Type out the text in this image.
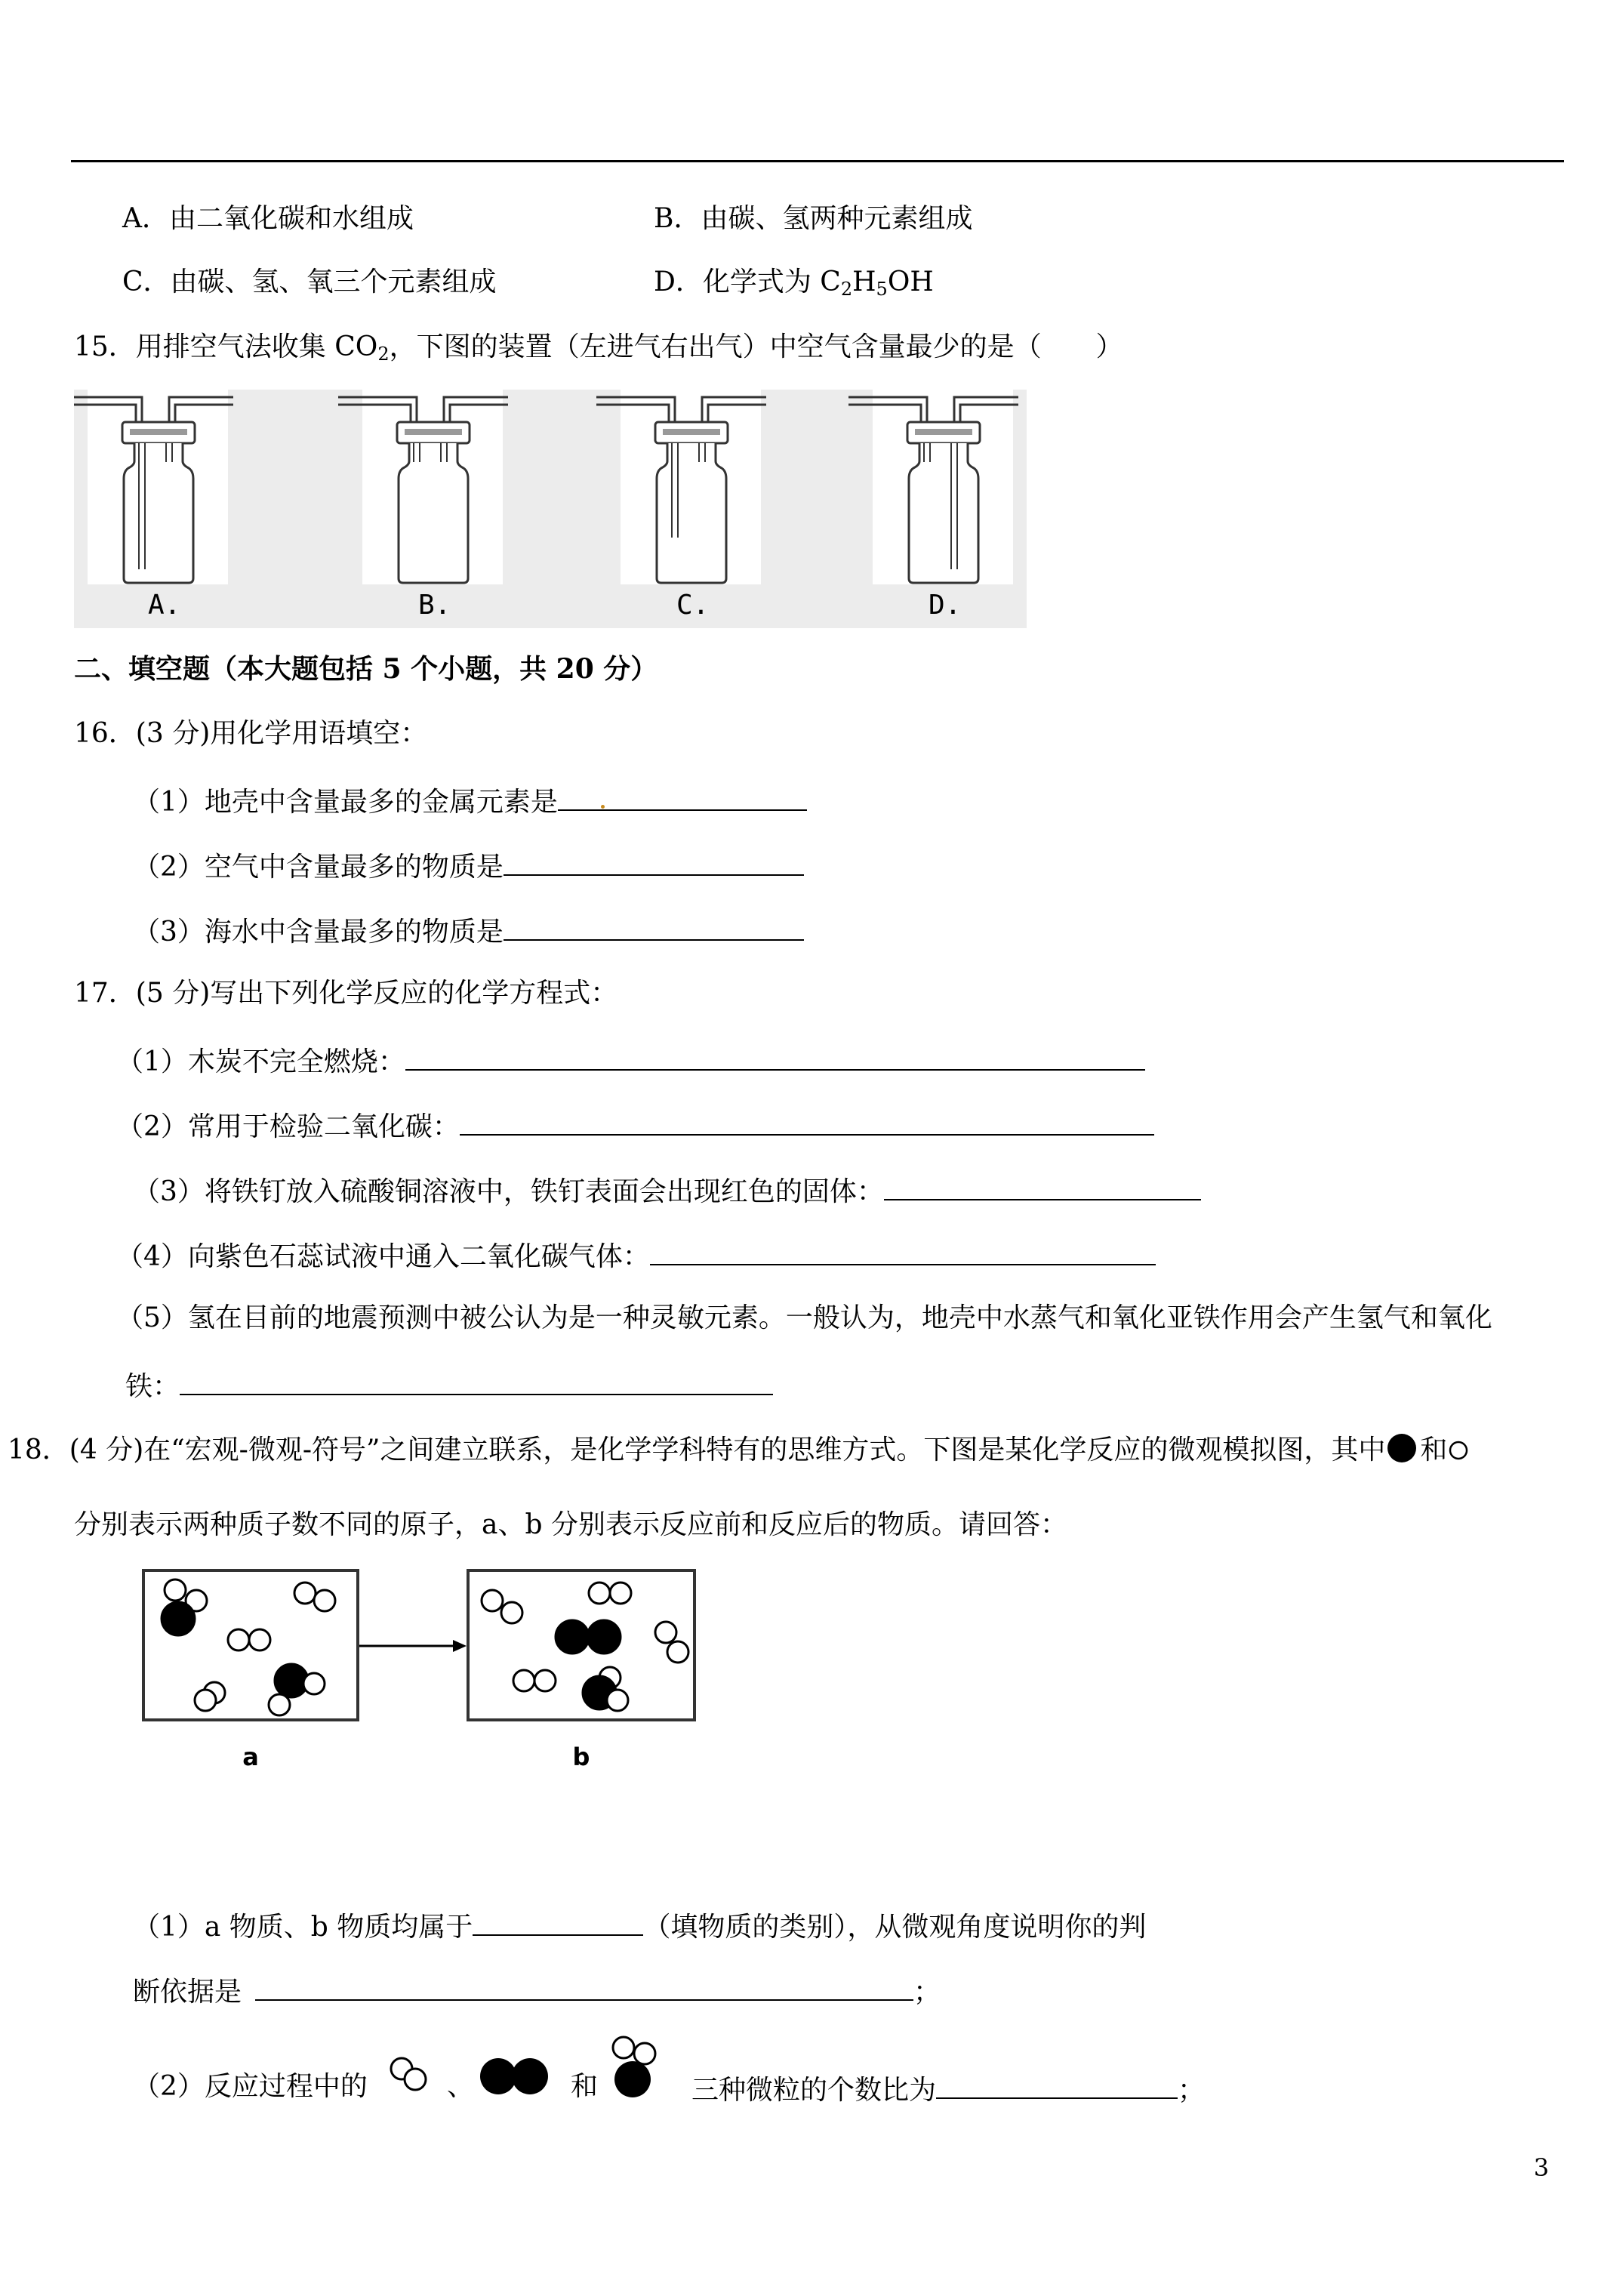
A．由二氧化碳和水组成	B．由碳、氢两种元素组成
C．由碳、氢、氧三个元素组成	D．化学式为 $C_2H_5OH$
15．用排空气法收集 $CO_2$，下图的装置（左进气右出气）中空气含量最少的是（　　）
A.	B.	C.	D.
二、填空题（本大题包括 5 个小题，共 20 分）
16．(3 分)用化学用语填空：
（1）地壳中含量最多的金属元素是
（2）空气中含量最多的物质是
（3）海水中含量最多的物质是
17．(5 分)写出下列化学反应的化学方程式：
（1）木炭不完全燃烧：
（2）常用于检验二氧化碳：
（3）将铁钉放入硫酸铜溶液中，铁钉表面会出现红色的固体：
（4）向紫色石蕊试液中通入二氧化碳气体：
（5）氢在目前的地震预测中被公认为是一种灵敏元素。一般认为，地壳中水蒸气和氧化亚铁作用会产生氢气和氧化
铁：
18．(4 分)在“宏观-微观-符号”之间建立联系，是化学学科特有的思维方式。下图是某化学反应的微观模拟图，其中 和
分别表示两种质子数不同的原子，a、b 分别表示反应前和反应后的物质。请回答：
a	b
（1）a 物质、b 物质均属于	（填物质的类别），从微观角度说明你的判
断依据是	；
（2）反应过程中的	、	和	三种微粒的个数比为	；
3
